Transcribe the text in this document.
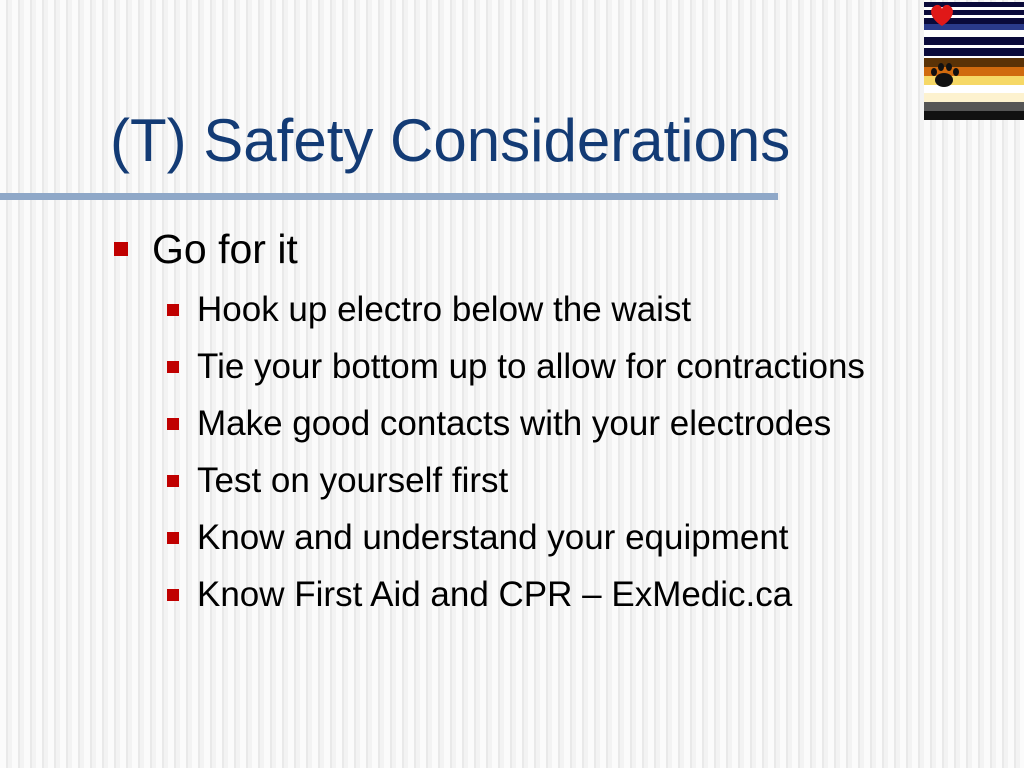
(T) Safety Considerations
Go for it
Hook up electro below the waist
Tie your bottom up to allow for contractions
Make good contacts with your electrodes
Test on yourself first
Know and understand your equipment
Know First Aid and CPR – ExMedic.ca
